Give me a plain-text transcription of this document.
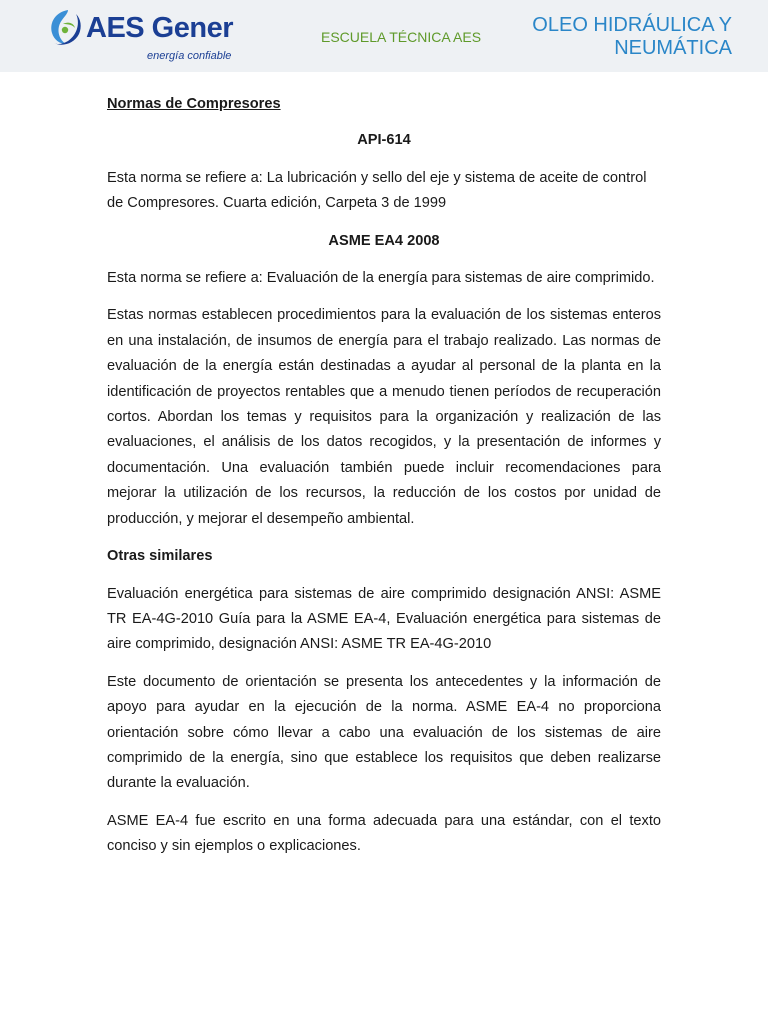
AES Gener
energía confiable
ESCUELA TÉCNICA AES
OLEO HIDRÁULICA Y
NEUMÁTICA

Normas de Compresores

API-614

Esta norma se refiere a: La lubricación y sello del eje y sistema de aceite de control de Compresores. Cuarta edición, Carpeta 3 de 1999

ASME EA4 2008

Esta norma se refiere a: Evaluación de la energía para sistemas de aire comprimido.

Estas normas establecen procedimientos para la evaluación de los sistemas enteros en una instalación, de insumos de energía para el trabajo realizado. Las normas de evaluación de la energía están destinadas a ayudar al personal de la planta en la identificación de proyectos rentables que a menudo tienen períodos de recuperación cortos. Abordan los temas y requisitos para la organización y realización de las evaluaciones, el análisis de los datos recogidos, y la presentación de informes y documentación. Una evaluación también puede incluir recomendaciones para mejorar la utilización de los recursos, la reducción de los costos por unidad de producción, y mejorar el desempeño ambiental.

Otras similares

Evaluación energética para sistemas de aire comprimido designación ANSI: ASME TR EA-4G-2010 Guía para la ASME EA-4, Evaluación energética para sistemas de aire comprimido, designación ANSI: ASME TR EA-4G-2010

Este documento de orientación se presenta los antecedentes y la información de apoyo para ayudar en la ejecución de la norma. ASME EA-4 no proporciona orientación sobre cómo llevar a cabo una evaluación de los sistemas de aire comprimido de la energía, sino que establece los requisitos que deben realizarse durante la evaluación.

ASME EA-4 fue escrito en una forma adecuada para una estándar, con el texto conciso y sin ejemplos o explicaciones.
